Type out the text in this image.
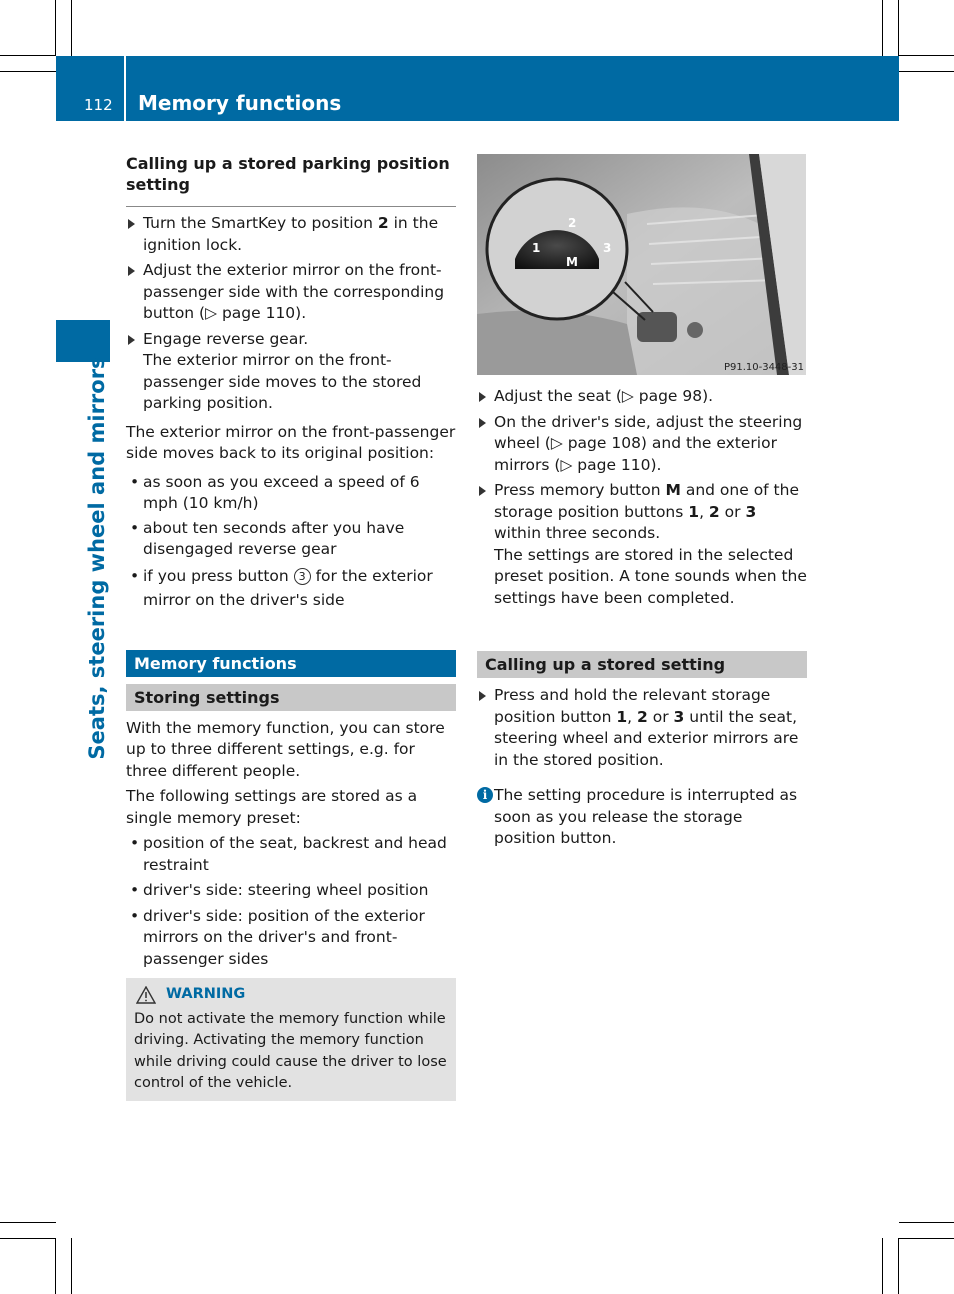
112 Memory functions
Seats, steering wheel and mirrors

Calling up a stored parking position setting

Turn the SmartKey to position 2 in the ignition lock.
Adjust the exterior mirror on the front-passenger side with the corresponding button (▷ page 110).
Engage reverse gear.
The exterior mirror on the front-passenger side moves to the stored parking position.

The exterior mirror on the front-passenger side moves back to its original position:

• as soon as you exceed a speed of 6 mph (10 km/h)
• about ten seconds after you have disengaged reverse gear
• if you press button 3 for the exterior mirror on the driver's side
Memory functions
Storing settings

With the memory function, you can store up to three different settings, e.g. for three different people.

The following settings are stored as a single memory preset:

• position of the seat, backrest and head restraint
• driver's side: steering wheel position
• driver's side: position of the exterior mirrors on the driver's and front-passenger sides
WARNING

Do not activate the memory function while driving. Activating the memory function while driving could cause the driver to lose control of the vehicle.

1
2
3
M
P91.10-3448-31
Adjust the seat (▷ page 98).
On the driver's side, adjust the steering wheel (▷ page 108) and the exterior mirrors (▷ page 110).
Press memory button M and one of the storage position buttons 1, 2 or 3 within three seconds.
The settings are stored in the selected preset position. A tone sounds when the settings have been completed.
Calling up a stored setting
Press and hold the relevant storage position button 1, 2 or 3 until the seat, steering wheel and exterior mirrors are in the stored position.
i The setting procedure is interrupted as soon as you release the storage position button.
